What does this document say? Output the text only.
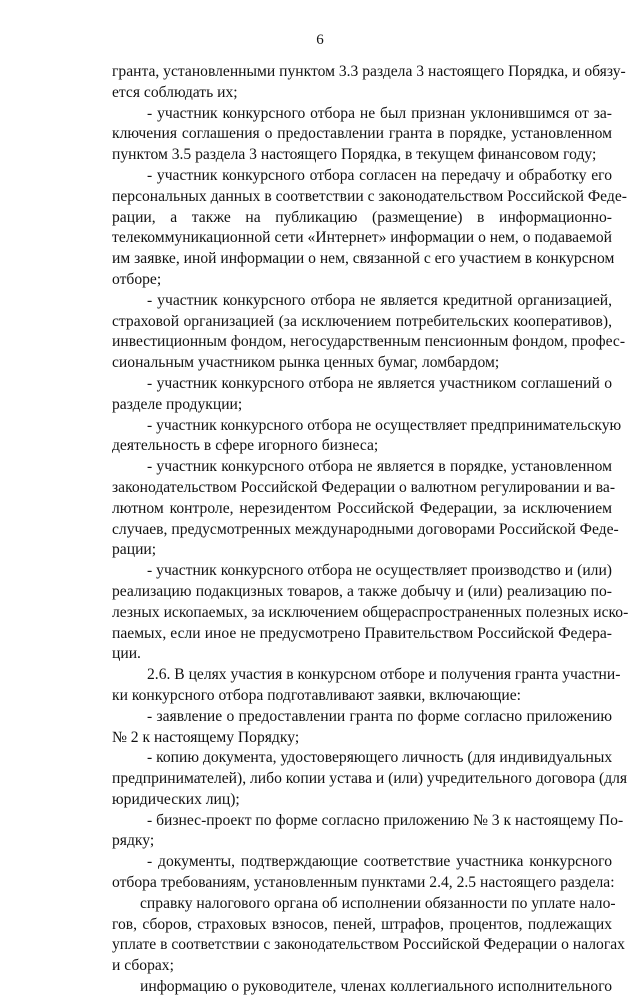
6
гранта, установленными пунктом 3.3 раздела 3 настоящего Порядка, и обязу-
ется соблюдать их;
- участник конкурсного отбора не был признан уклонившимся от за-
ключения соглашения о предоставлении гранта в порядке, установленном
пунктом 3.5 раздела 3 настоящего Порядка, в текущем финансовом году;
- участник конкурсного отбора согласен на передачу и обработку его
персональных данных в соответствии с законодательством Российской Феде-
рации, а также на публикацию (размещение) в информационно-
телекоммуникационной сети «Интернет» информации о нем, о подаваемой
им заявке, иной информации о нем, связанной с его участием в конкурсном
отборе;
- участник конкурсного отбора не является кредитной организацией,
страховой организацией (за исключением потребительских кооперативов),
инвестиционным фондом, негосударственным пенсионным фондом, профес-
сиональным участником рынка ценных бумаг, ломбардом;
- участник конкурсного отбора не является участником соглашений о
разделе продукции;
- участник конкурсного отбора не осуществляет предпринимательскую
деятельность в сфере игорного бизнеса;
- участник конкурсного отбора не является в порядке, установленном
законодательством Российской Федерации о валютном регулировании и ва-
лютном контроле, нерезидентом Российской Федерации, за исключением
случаев, предусмотренных международными договорами Российской Феде-
рации;
- участник конкурсного отбора не осуществляет производство и (или)
реализацию подакцизных товаров, а также добычу и (или) реализацию по-
лезных ископаемых, за исключением общераспространенных полезных иско-
паемых, если иное не предусмотрено Правительством Российской Федера-
ции.
2.6. В целях участия в конкурсном отборе и получения гранта участни-
ки конкурсного отбора подготавливают заявки, включающие:
- заявление о предоставлении гранта по форме согласно приложению
№ 2 к настоящему Порядку;
- копию документа, удостоверяющего личность (для индивидуальных
предпринимателей), либо копии устава и (или) учредительного договора (для
юридических лиц);
- бизнес-проект по форме согласно приложению № 3 к настоящему По-
рядку;
- документы, подтверждающие соответствие участника конкурсного
отбора требованиям, установленным пунктами 2.4, 2.5 настоящего раздела:
справку налогового органа об исполнении обязанности по уплате нало-
гов, сборов, страховых взносов, пеней, штрафов, процентов, подлежащих
уплате в соответствии с законодательством Российской Федерации о налогах
и сборах;
информацию о руководителе, членах коллегиального исполнительного
